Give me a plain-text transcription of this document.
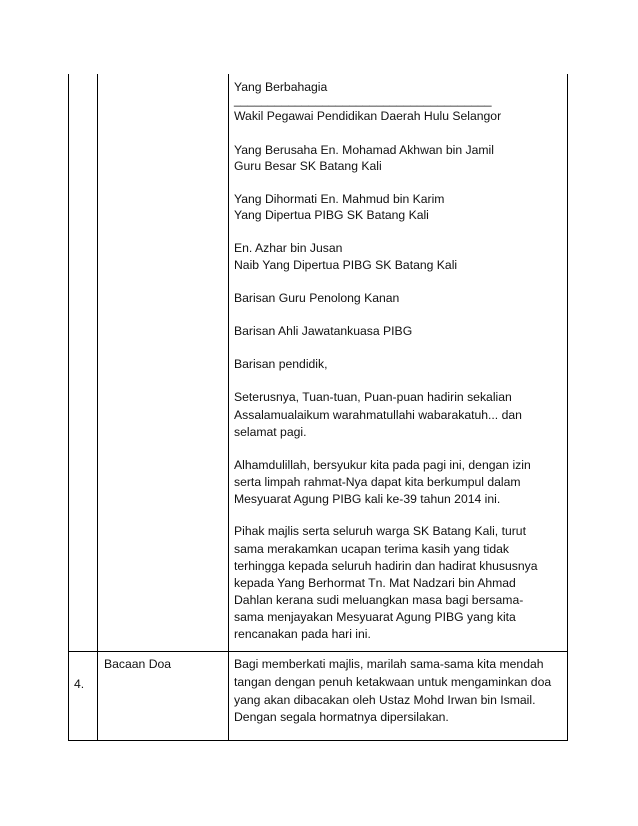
Yang Berbahagia
______________________________________
Wakil Pegawai Pendidikan Daerah Hulu Selangor
Yang Berusaha En. Mohamad Akhwan bin Jamil
Guru Besar SK Batang Kali
Yang Dihormati En. Mahmud bin Karim
Yang Dipertua PIBG SK Batang Kali
En. Azhar bin Jusan
Naib Yang Dipertua PIBG SK Batang Kali
Barisan Guru Penolong Kanan
Barisan Ahli Jawatankuasa PIBG
Barisan pendidik,
Seterusnya, Tuan-tuan, Puan-puan hadirin sekalian
Assalamualaikum warahmatullahi wabarakatuh... dan
selamat pagi.
Alhamdulillah, bersyukur kita pada pagi ini, dengan izin
serta limpah rahmat-Nya dapat kita berkumpul dalam
Mesyuarat Agung PIBG kali ke-39 tahun 2014 ini.
Pihak majlis serta seluruh warga SK Batang Kali, turut
sama merakamkan ucapan terima kasih yang tidak
terhingga kepada seluruh hadirin dan hadirat khususnya
kepada Yang Berhormat Tn. Mat Nadzari bin Ahmad
Dahlan kerana sudi meluangkan masa bagi bersama-
sama menjayakan Mesyuarat Agung PIBG yang kita
rencanakan pada hari ini.
4.
Bacaan Doa	Bagi memberkati majlis, marilah sama-sama kita mendah
tangan dengan penuh ketakwaan untuk mengaminkan doa
yang akan dibacakan oleh Ustaz Mohd Irwan bin Ismail.
Dengan segala hormatnya dipersilakan.
